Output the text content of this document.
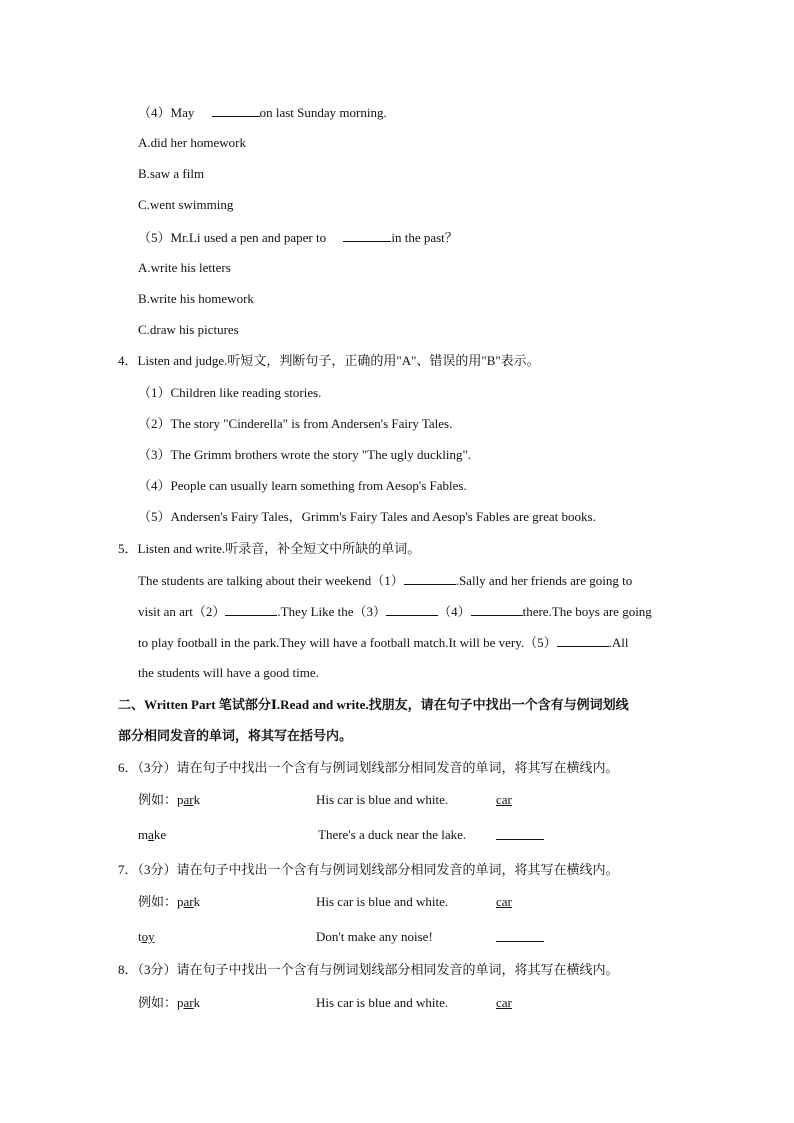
（4）May	on last Sunday morning.
A.did her homework
B.saw a film
C.went swimming
（5）Mr.Li used a pen and paper to	in the past？
A.write his letters
B.write his homework
C.draw his pictures
4．Listen and judge.听短文，判断句子，正确的用"A"、错误的用"B"表示。
（1）Children like reading stories.
（2）The story "Cinderella" is from Andersen's Fairy Tales.
（3）The Grimm brothers wrote the story "The ugly duckling".
（4）People can usually learn something from Aesop's Fables.
（5）Andersen's Fairy Tales，Grimm's Fairy Tales and Aesop's Fables are great books.
5．Listen and write.听录音，补全短文中所缺的单词。
The students are talking about their weekend（1）	.Sally and her friends are going to
visit an art（2）	.They Like the（3）	（4）	there.The boys are going
to play football in the park.They will have a football match.It will be very.（5）	.All
the students will have a good time.
二、Written Part 笔试部分Ⅰ.Read and write.找朋友，请在句子中找出一个含有与例词划线
部分相同发音的单词，将其写在括号内。
6．（3分）请在句子中找出一个含有与例词划线部分相同发音的单词，将其写在横线内。
例如：park	His car is blue and white.	car
make	There's a duck near the lake.
7．（3分）请在句子中找出一个含有与例词划线部分相同发音的单词，将其写在横线内。
例如：park	His car is blue and white.	car
toy	Don't make any noise!
8．（3分）请在句子中找出一个含有与例词划线部分相同发音的单词，将其写在横线内。
例如：park	His car is blue and white.	car
